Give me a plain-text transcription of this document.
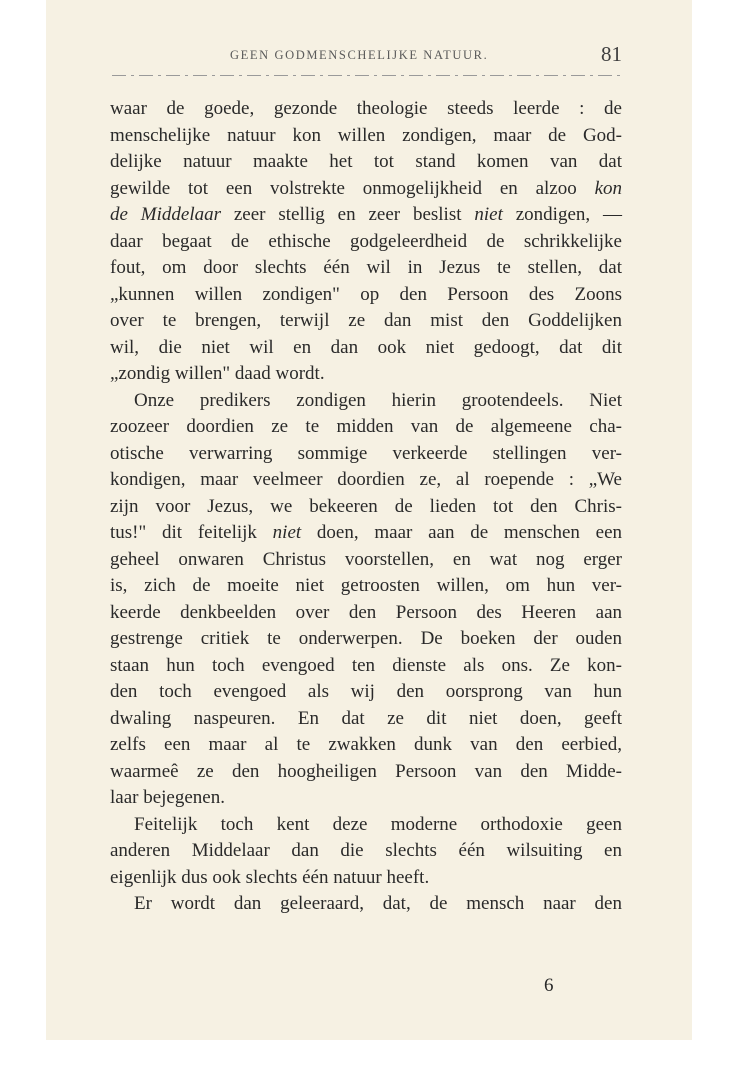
GEEN GODMENSCHELIJKE NATUUR.	81
waar de goede, gezonde theologie steeds leerde : de
menschelijke natuur kon willen zondigen, maar de God-
delijke natuur maakte het tot stand komen van dat
gewilde tot een volstrekte onmogelijkheid en alzoo kon
de Middelaar zeer stellig en zeer beslist niet zondigen, —
daar begaat de ethische godgeleerdheid de schrikkelijke
fout, om door slechts één wil in Jezus te stellen, dat
„kunnen willen zondigen" op den Persoon des Zoons
over te brengen, terwijl ze dan mist den Goddelijken
wil, die niet wil en dan ook niet gedoogt, dat dit
„zondig willen" daad wordt.
Onze predikers zondigen hierin grootendeels. Niet
zoozeer doordien ze te midden van de algemeene cha-
otische verwarring sommige verkeerde stellingen ver-
kondigen, maar veelmeer doordien ze, al roepende : „We
zijn voor Jezus, we bekeeren de lieden tot den Chris-
tus!" dit feitelijk niet doen, maar aan de menschen een
geheel onwaren Christus voorstellen, en wat nog erger
is, zich de moeite niet getroosten willen, om hun ver-
keerde denkbeelden over den Persoon des Heeren aan
gestrenge critiek te onderwerpen. De boeken der ouden
staan hun toch evengoed ten dienste als ons. Ze kon-
den toch evengoed als wij den oorsprong van hun
dwaling naspeuren. En dat ze dit niet doen, geeft
zelfs een maar al te zwakken dunk van den eerbied,
waarmeê ze den hoogheiligen Persoon van den Midde-
laar bejegenen.
Feitelijk toch kent deze moderne orthodoxie geen
anderen Middelaar dan die slechts één wilsuiting en
eigenlijk dus ook slechts één natuur heeft.
Er wordt dan geleeraard, dat, de mensch naar den
6
